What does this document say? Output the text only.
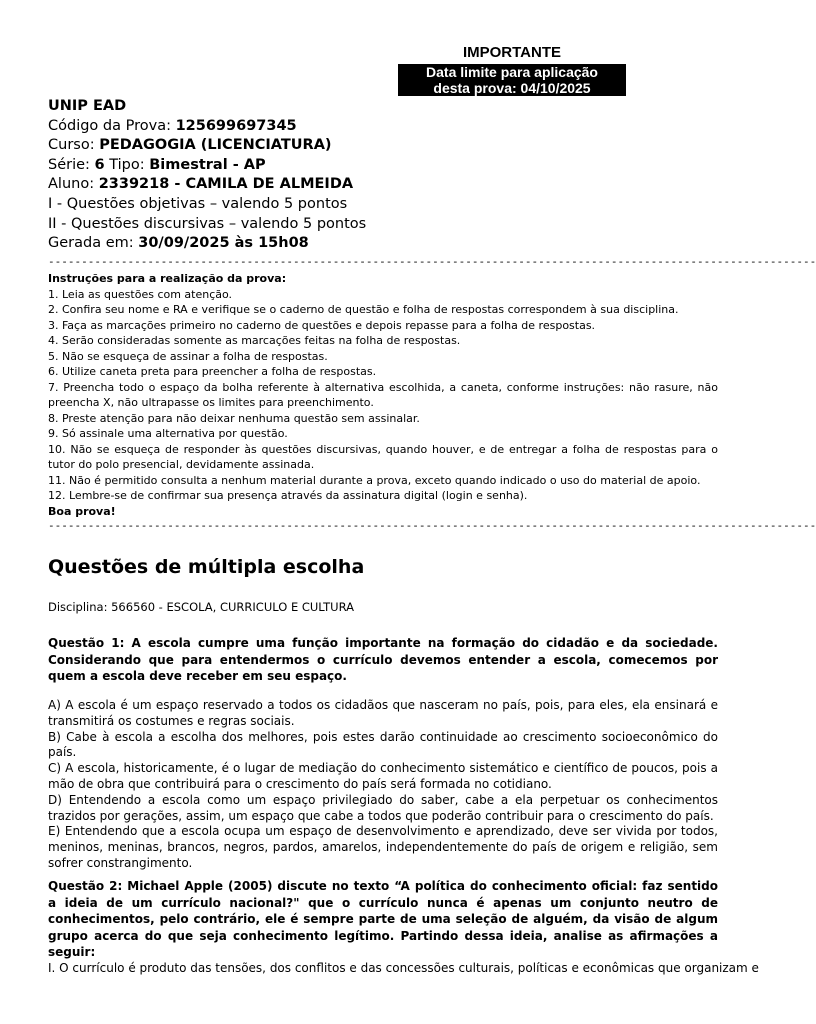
IMPORTANTE
Data limite para aplicação
desta prova: 04/10/2025
UNIP EAD
Código da Prova: 125699697345
Curso: PEDAGOGIA (LICENCIATURA)
Série: 6 Tipo: Bimestral - AP
Aluno: 2339218 - CAMILA DE ALMEIDA
I - Questões objetivas – valendo 5 pontos
II - Questões discursivas – valendo 5 pontos
Gerada em: 30/09/2025 às 15h08
--------------------------------------------------------------------------------------------------------------------

Instruções para a realização da prova:

1. Leia as questões com atenção.

2. Confira seu nome e RA e verifique se o caderno de questão e folha de respostas correspondem à sua disciplina.

3. Faça as marcações primeiro no caderno de questões e depois repasse para a folha de respostas.

4. Serão consideradas somente as marcações feitas na folha de respostas.

5. Não se esqueça de assinar a folha de respostas.

6. Utilize caneta preta para preencher a folha de respostas.

7. Preencha todo o espaço da bolha referente à alternativa escolhida, a caneta, conforme instruções: não rasure, não preencha X, não ultrapasse os limites para preenchimento.

8. Preste atenção para não deixar nenhuma questão sem assinalar.

9. Só assinale uma alternativa por questão.

10. Não se esqueça de responder às questões discursivas, quando houver, e de entregar a folha de respostas para o tutor do polo presencial, devidamente assinada.

11. Não é permitido consulta a nenhum material durante a prova, exceto quando indicado o uso do material de apoio.

12. Lembre-se de confirmar sua presença através da assinatura digital (login e senha).

Boa prova!

--------------------------------------------------------------------------------------------------------------------
Questões de múltipla escolha
Disciplina: 566560 - ESCOLA, CURRICULO E CULTURA

Questão 1: A escola cumpre uma função importante na formação do cidadão e da sociedade. Considerando que para entendermos o currículo devemos entender a escola, comecemos por quem a escola deve receber em seu espaço.

A) A escola é um espaço reservado a todos os cidadãos que nasceram no país, pois, para eles, ela ensinará e transmitirá os costumes e regras sociais.

B) Cabe à escola a escolha dos melhores, pois estes darão continuidade ao crescimento socioeconômico do país.

C) A escola, historicamente, é o lugar de mediação do conhecimento sistemático e científico de poucos, pois a mão de obra que contribuirá para o crescimento do país será formada no cotidiano.

D) Entendendo a escola como um espaço privilegiado do saber, cabe a ela perpetuar os conhecimentos trazidos por gerações, assim, um espaço que cabe a todos que poderão contribuir para o crescimento do país.

E) Entendendo que a escola ocupa um espaço de desenvolvimento e aprendizado, deve ser vivida por todos, meninos, meninas, brancos, negros, pardos, amarelos, independentemente do país de origem e religião, sem sofrer constrangimento.

Questão 2: Michael Apple (2005) discute no texto “A política do conhecimento oficial: faz sentido a ideia de um currículo nacional?" que o currículo nunca é apenas um conjunto neutro de conhecimentos, pelo contrário, ele é sempre parte de uma seleção de alguém, da visão de algum grupo acerca do que seja conhecimento legítimo. Partindo dessa ideia, analise as afirmações a seguir:

I. O currículo é produto das tensões, dos conflitos e das concessões culturais, políticas e econômicas que organizam e
